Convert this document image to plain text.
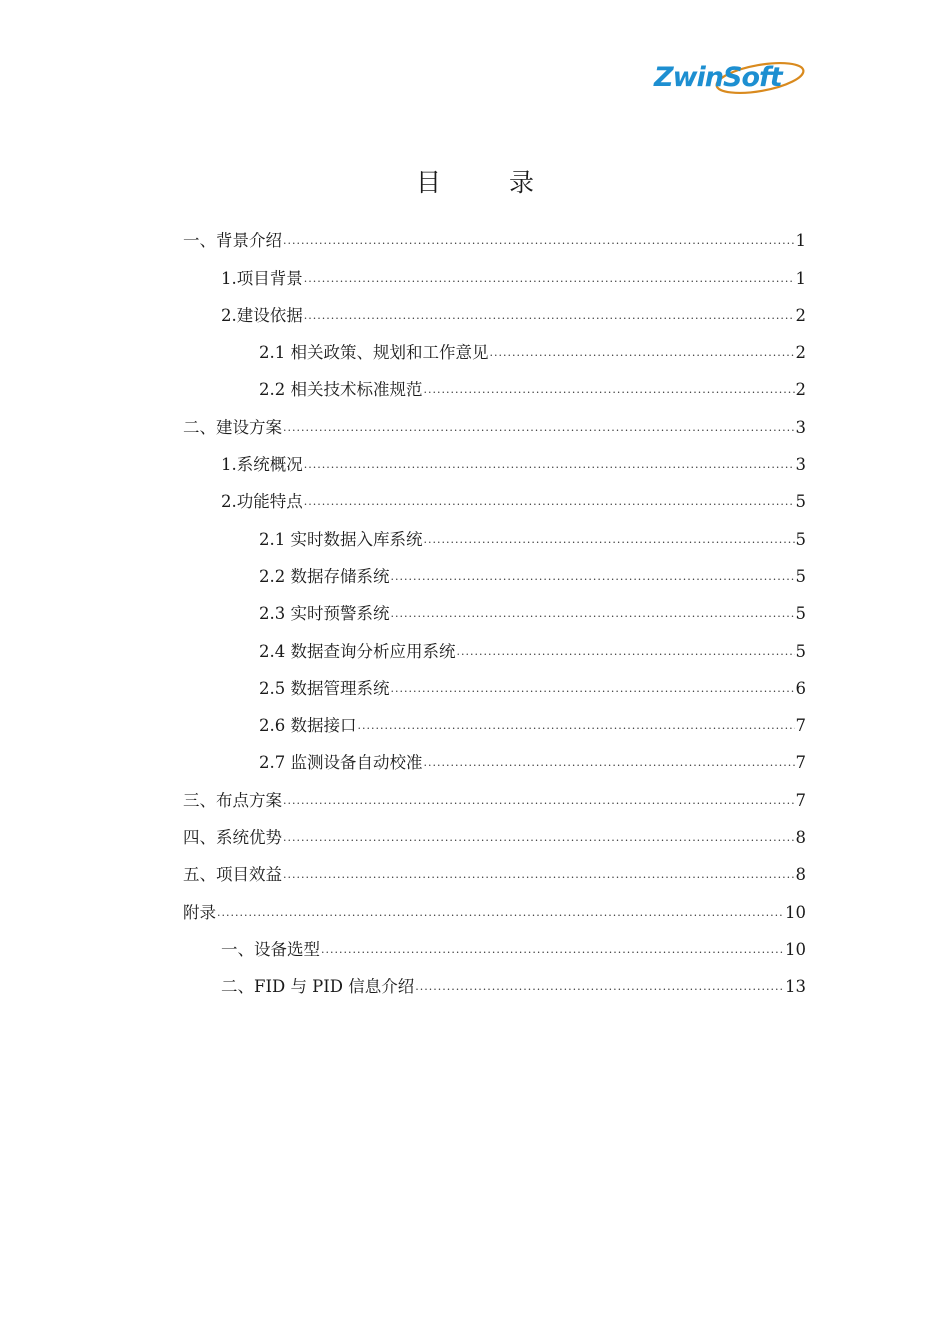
ZwinSoft
目 录
一、背景介绍 .....	1
1.项目背景 .....	1
2.建设依据 .....	2
2.1 相关政策、规划和工作意见 .....	2
2.2 相关技术标准规范 .....	2
二、建设方案 .....	3
1.系统概况 .....	3
2.功能特点 .....	5
2.1 实时数据入库系统 .....	5
2.2 数据存储系统 .....	5
2.3 实时预警系统 .....	5
2.4 数据查询分析应用系统 .....	5
2.5 数据管理系统 .....	6
2.6 数据接口 .....	7
2.7 监测设备自动校准 .....	7
三、布点方案 .....	7
四、系统优势 .....	8
五、项目效益 .....	8
附录 .....	10
一、设备选型 .....	10
二、FID 与 PID 信息介绍 .....	13
